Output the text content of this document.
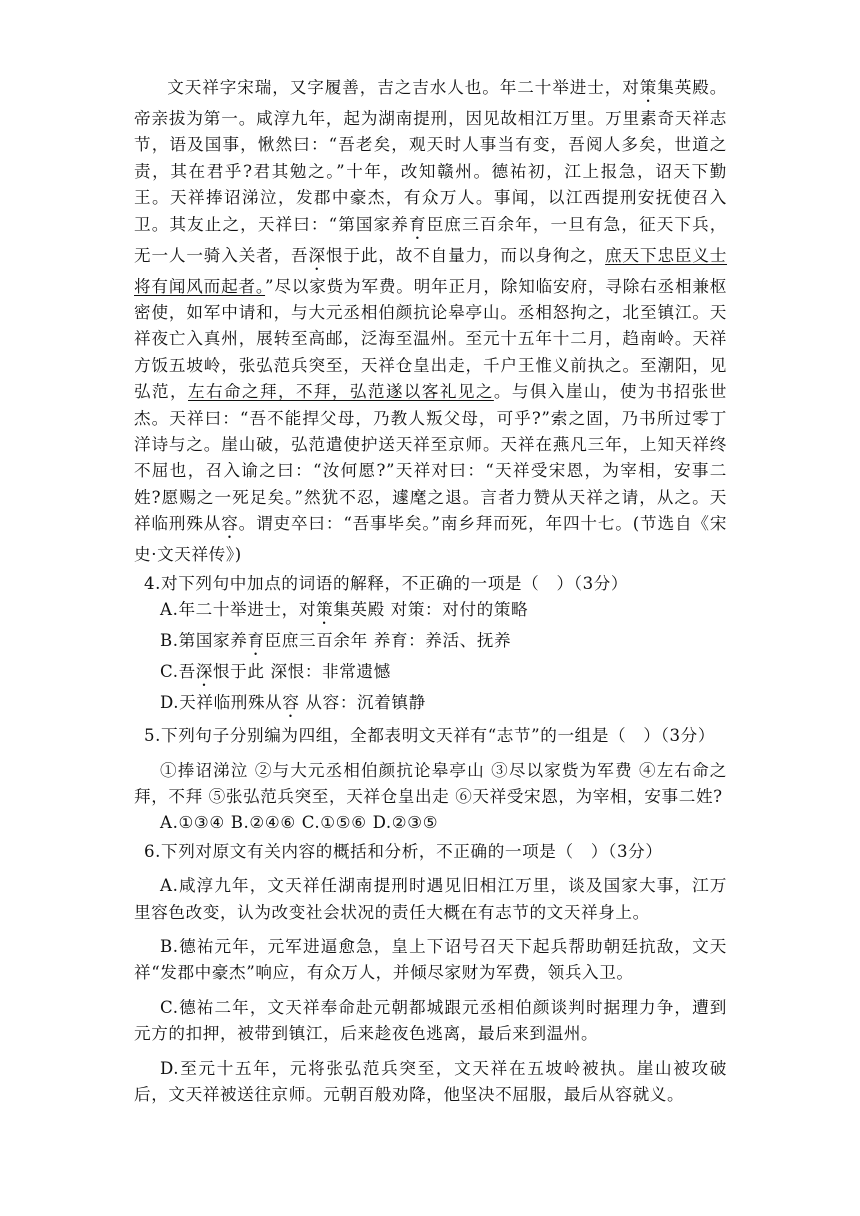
文天祥字宋瑞，又字履善，吉之吉水人也。年二十举进士，对策集英殿。帝亲拔为第一。咸淳九年，起为湖南提刑，因见故相江万里。万里素奇天祥志节，语及国事，愀然曰：“吾老矣，观天时人事当有变，吾阅人多矣，世道之责，其在君乎?君其勉之。”十年，改知赣州。德祐初，江上报急，诏天下勤王。天祥捧诏涕泣，发郡中豪杰，有众万人。事闻，以江西提刑安抚使召入卫。其友止之，天祥曰：“第国家养育臣庶三百余年，一旦有急，征天下兵，无一人一骑入关者，吾深恨于此，故不自量力，而以身徇之，庶天下忠臣义士将有闻风而起者。”尽以家赀为军费。明年正月，除知临安府，寻除右丞相兼枢密使，如军中请和，与大元丞相伯颜抗论皋亭山。丞相怒拘之，北至镇江。天祥夜亡入真州，展转至高邮，泛海至温州。至元十五年十二月，趋南岭。天祥方饭五坡岭，张弘范兵突至，天祥仓皇出走，千户王惟义前执之。至潮阳，见弘范，左右命之拜，不拜，弘范遂以客礼见之。与俱入崖山，使为书招张世杰。天祥曰：“吾不能捍父母，乃教人叛父母，可乎?”索之固，乃书所过零丁洋诗与之。崖山破，弘范遣使护送天祥至京师。天祥在燕凡三年，上知天祥终不屈也，召入谕之曰：“汝何愿?”天祥对曰：“天祥受宋恩，为宰相，安事二姓?愿赐之一死足矣。”然犹不忍，遽麾之退。言者力赞从天祥之请，从之。天祥临刑殊从容。谓吏卒曰：“吾事毕矣。”南乡拜而死，年四十七。(节选自《宋史·文天祥传》)

4.对下列句中加点的词语的解释，不正确的一项是（　）（3分）
A.年二十举进士，对策集英殿 对策：对付的策略
B.第国家养育臣庶三百余年 养育：养活、抚养
C.吾深恨于此 深恨：非常遗憾
D.天祥临刑殊从容 从容：沉着镇静
5.下列句子分别编为四组，全都表明文天祥有“志节”的一组是（　）（3分）
①捧诏涕泣 ②与大元丞相伯颜抗论皋亭山 ③尽以家赀为军费 ④左右命之拜，不拜 ⑤张弘范兵突至，天祥仓皇出走 ⑥天祥受宋恩，为宰相，安事二姓?
A.①③④ B.②④⑥ C.①⑤⑥ D.②③⑤
6.下列对原文有关内容的概括和分析，不正确的一项是（　）（3分）
A.咸淳九年，文天祥任湖南提刑时遇见旧相江万里，谈及国家大事，江万里容色改变，认为改变社会状况的责任大概在有志节的文天祥身上。
B.德祐元年，元军进逼愈急，皇上下诏号召天下起兵帮助朝廷抗敌，文天祥“发郡中豪杰”响应，有众万人，并倾尽家财为军费，领兵入卫。
C.德祐二年，文天祥奉命赴元朝都城跟元丞相伯颜谈判时据理力争，遭到元方的扣押，被带到镇江，后来趁夜色逃离，最后来到温州。
D.至元十五年，元将张弘范兵突至，文天祥在五坡岭被执。崖山被攻破后，文天祥被送往京师。元朝百般劝降，他坚决不屈服，最后从容就义。
